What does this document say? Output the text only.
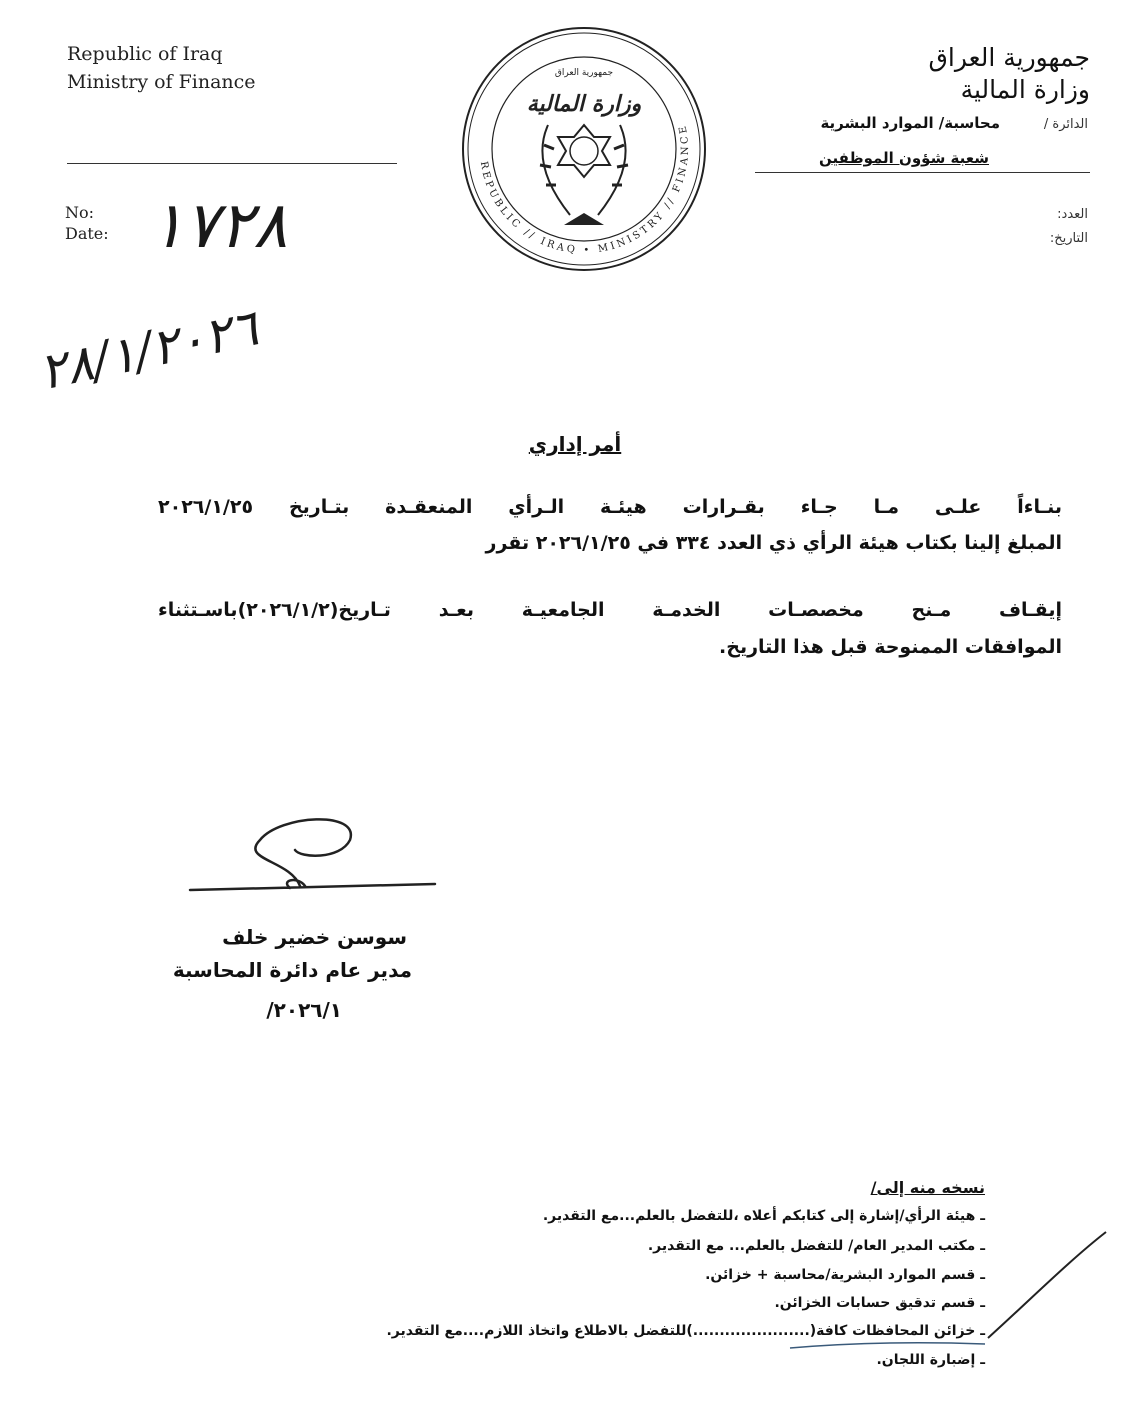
Republic of Iraq
Ministry of Finance
No:
Date:
REPUBLIC // IRAQ • MINISTRY // FINANCE
جمهورية العراق
وزارة المالية
جمهورية العراق
وزارة المالية
الدائرة /
محاسبة/ الموارد البشرية
شعبة شؤون الموظفين
العدد:
التاريخ:
١٧٢٨
٢٨/١/٢٠٢٦
أمر إداري
بنـاءاً علـى مـا جـاء بقـرارات هيئـة الـرأي المنعقـدة بتـاريخ ٢٠٢٦/١/٢٥
المبلغ إلينا بكتاب هيئة الرأي ذي العدد ٣٣٤ في ٢٠٢٦/١/٢٥ تقرر
إيقـاف مـنح مخصصـات الخدمـة الجامعيـة بعـد تـاريخ(٢٠٢٦/١/٢)باسـتثناء
الموافقات الممنوحة قبل هذا التاريخ.
سوسن خضير خلف
مدير عام دائرة المحاسبة
٢٠٢٦/١/
نسخه منه إلى/
ـ هيئة الرأي/إشارة إلى كتابكم أعلاه ،للتفضل بالعلم...مع التقدير.
ـ مكتب المدير العام/ للتفضل بالعلم... مع التقدير.
ـ قسم الموارد البشرية/محاسبة + خزائن.
ـ قسم تدقيق حسابات الخزائن.
ـ خزائن المحافظات كافة(......................)للتفضل بالاطلاع واتخاذ اللازم....مع التقدير.
ـ إضبارة اللجان.
